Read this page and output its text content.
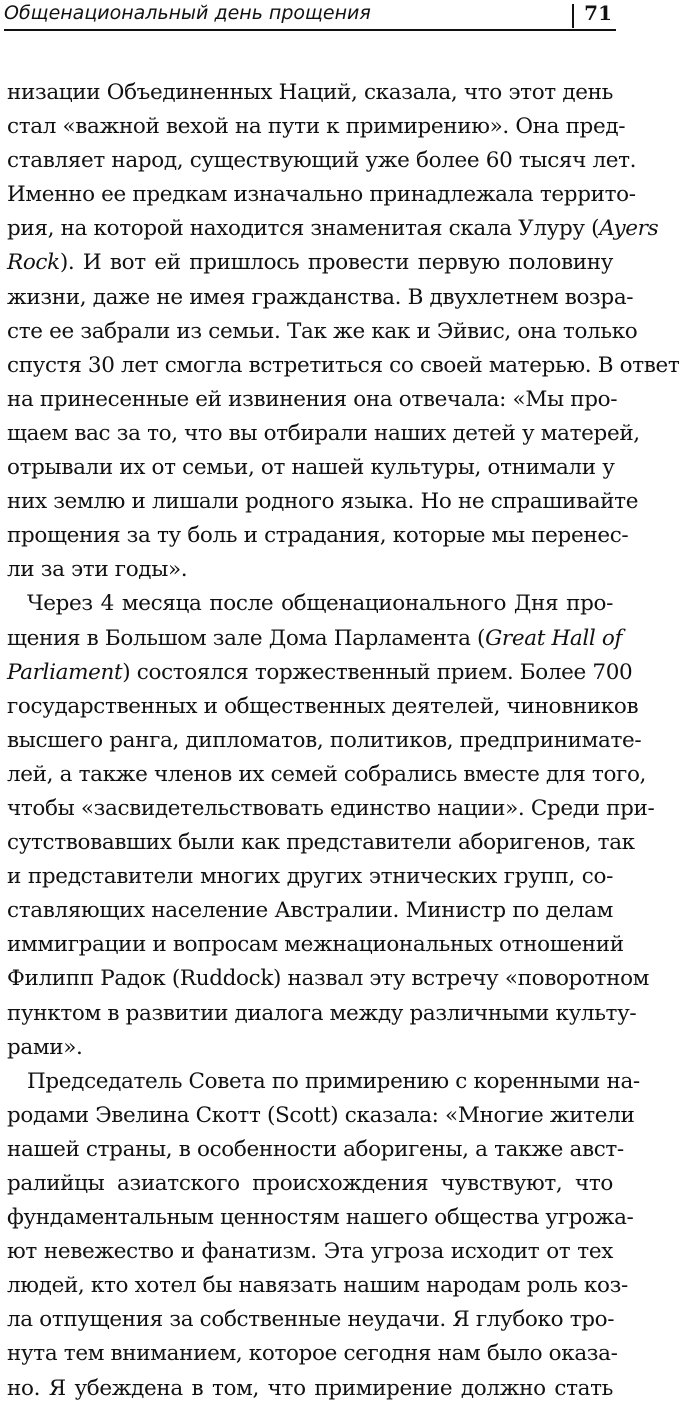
Общенациональный день прощения	71
низации Объединенных Наций, сказала, что этот день
стал «важной вехой на пути к примирению». Она пред-
ставляет народ, существующий уже более 60 тысяч лет.
Именно ее предкам изначально принадлежала террито-
рия, на которой находится знаменитая скала Улуру (Ayers
Rock). И вот ей пришлось провести первую половину
жизни, даже не имея гражданства. В двухлетнем возра-
сте ее забрали из семьи. Так же как и Эйвис, она только
спустя 30 лет смогла встретиться со своей матерью. В ответ
на принесенные ей извинения она отвечала: «Мы про-
щаем вас за то, что вы отбирали наших детей у матерей,
отрывали их от семьи, от нашей культуры, отнимали у
них землю и лишали родного языка. Но не спрашивайте
прощения за ту боль и страдания, которые мы перенес-
ли за эти годы».
Через 4 месяца после общенационального Дня про-
щения в Большом зале Дома Парламента (Great Hall of
Parliament) состоялся торжественный прием. Более 700
государственных и общественных деятелей, чиновников
высшего ранга, дипломатов, политиков, предпринимате-
лей, а также членов их семей собрались вместе для того,
чтобы «засвидетельствовать единство нации». Среди при-
сутствовавших были как представители аборигенов, так
и представители многих других этнических групп, со-
ставляющих население Австралии. Министр по делам
иммиграции и вопросам межнациональных отношений
Филипп Радок (Ruddock) назвал эту встречу «поворотном
пунктом в развитии диалога между различными культу-
рами».
Председатель Совета по примирению с коренными на-
родами Эвелина Скотт (Scott) сказала: «Многие жители
нашей страны, в особенности аборигены, а также авст-
ралийцы азиатского происхождения чувствуют, что
фундаментальным ценностям нашего общества угрожа-
ют невежество и фанатизм. Эта угроза исходит от тех
людей, кто хотел бы навязать нашим народам роль коз-
ла отпущения за собственные неудачи. Я глубоко тро-
нута тем вниманием, которое сегодня нам было оказа-
но. Я убеждена в том, что примирение должно стать
